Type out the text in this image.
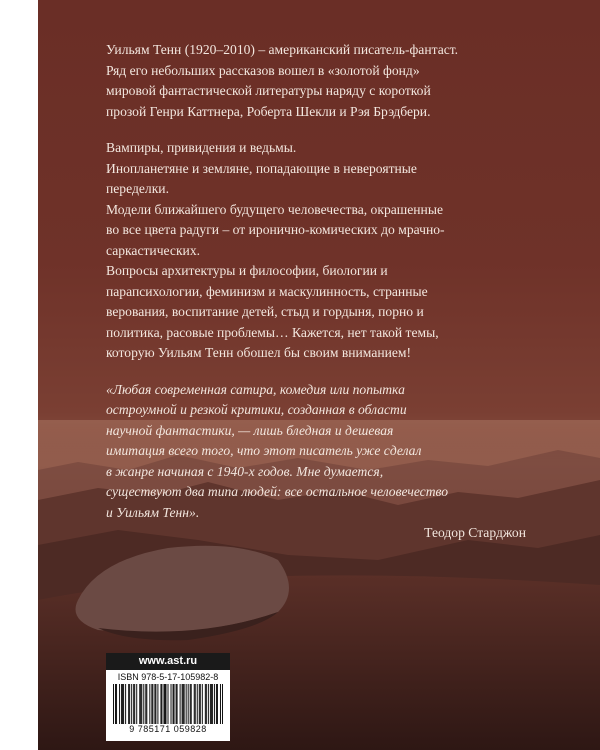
Уильям Тенн (1920–2010) – американский писатель-фантаст.

Ряд его небольших рассказов вошел в «золотой фонд»

мировой фантастической литературы наряду с короткой

прозой Генри Каттнера, Роберта Шекли и Рэя Брэдбери.

Вампиры, привидения и ведьмы.

Инопланетяне и земляне, попадающие в невероятные

переделки.

Модели ближайшего будущего человечества, окрашенные

во все цвета радуги – от иронично-комических до мрачно-

саркастических.

Вопросы архитектуры и философии, биологии и

парапсихологии, феминизм и маскулинность, странные

верования, воспитание детей, стыд и гордыня, порно и

политика, расовые проблемы… Кажется, нет такой темы,

которую Уильям Тенн обошел бы своим вниманием!

«Любая современная сатира, комедия или попытка

остроумной и резкой критики, созданная в области

научной фантастики, — лишь бледная и дешевая

имитация всего того, что этот писатель уже сделал

в жанре начиная с 1940-х годов. Мне думается,

существуют два типа людей: все остальное человечество

и Уильям Тенн».

Теодор Старджон

www.ast.ru
ISBN 978-5-17-105982-8
9 785171 059828
